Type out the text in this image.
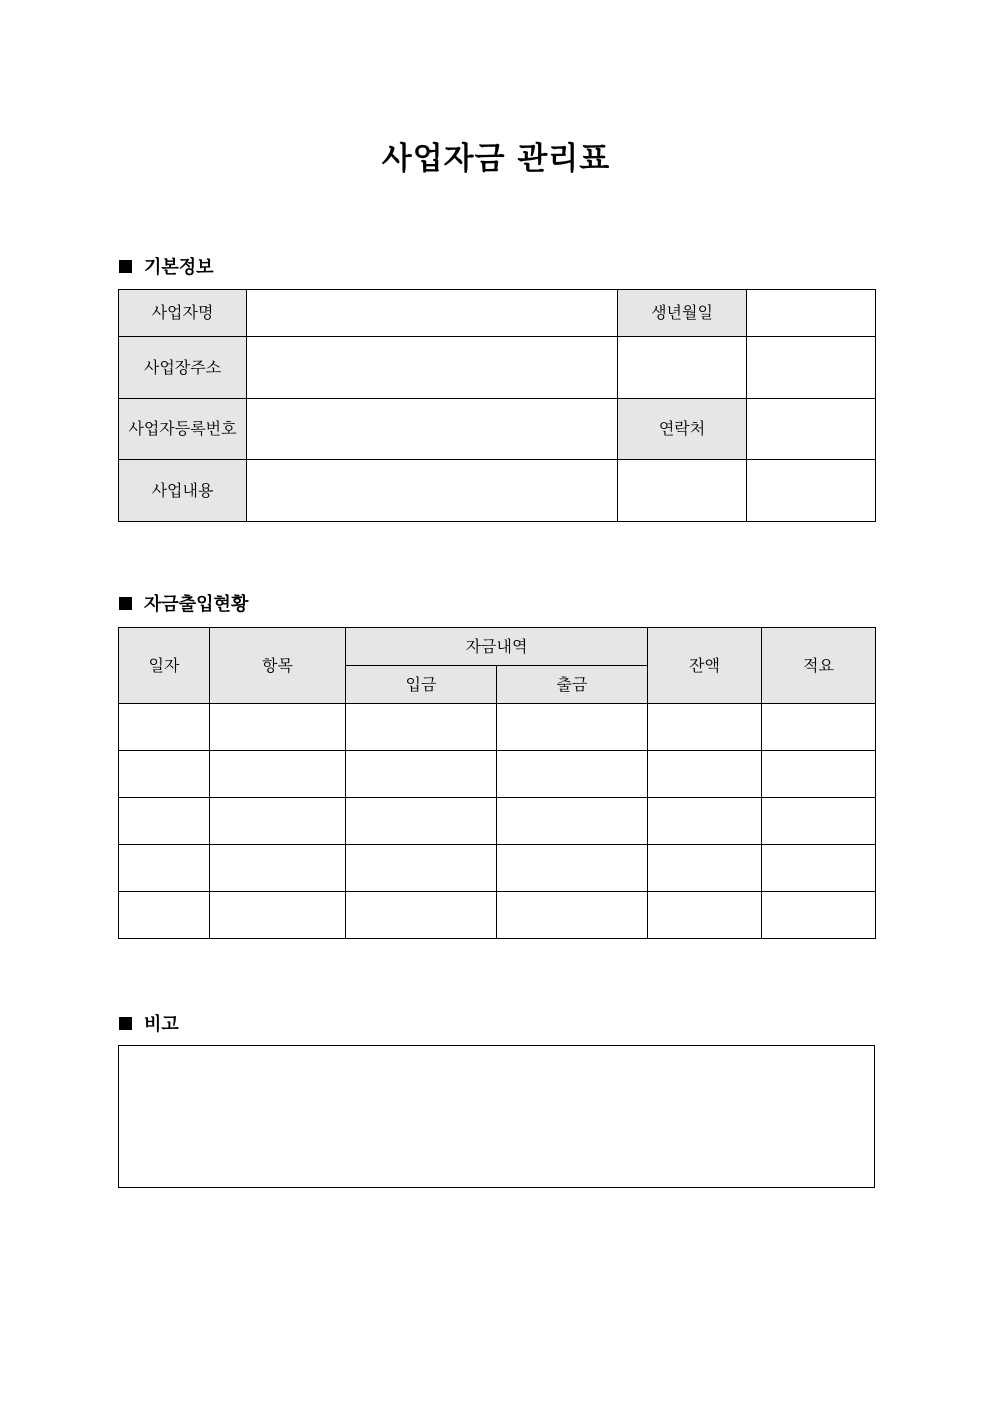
사업자금 관리표
기본정보
사업자명		생년월일	
사업장주소			
사업자등록번호		연락처	
사업내용			
자금출입현황
일자	항목	자금내역		잔액	적요
		입금	출금		

비고
